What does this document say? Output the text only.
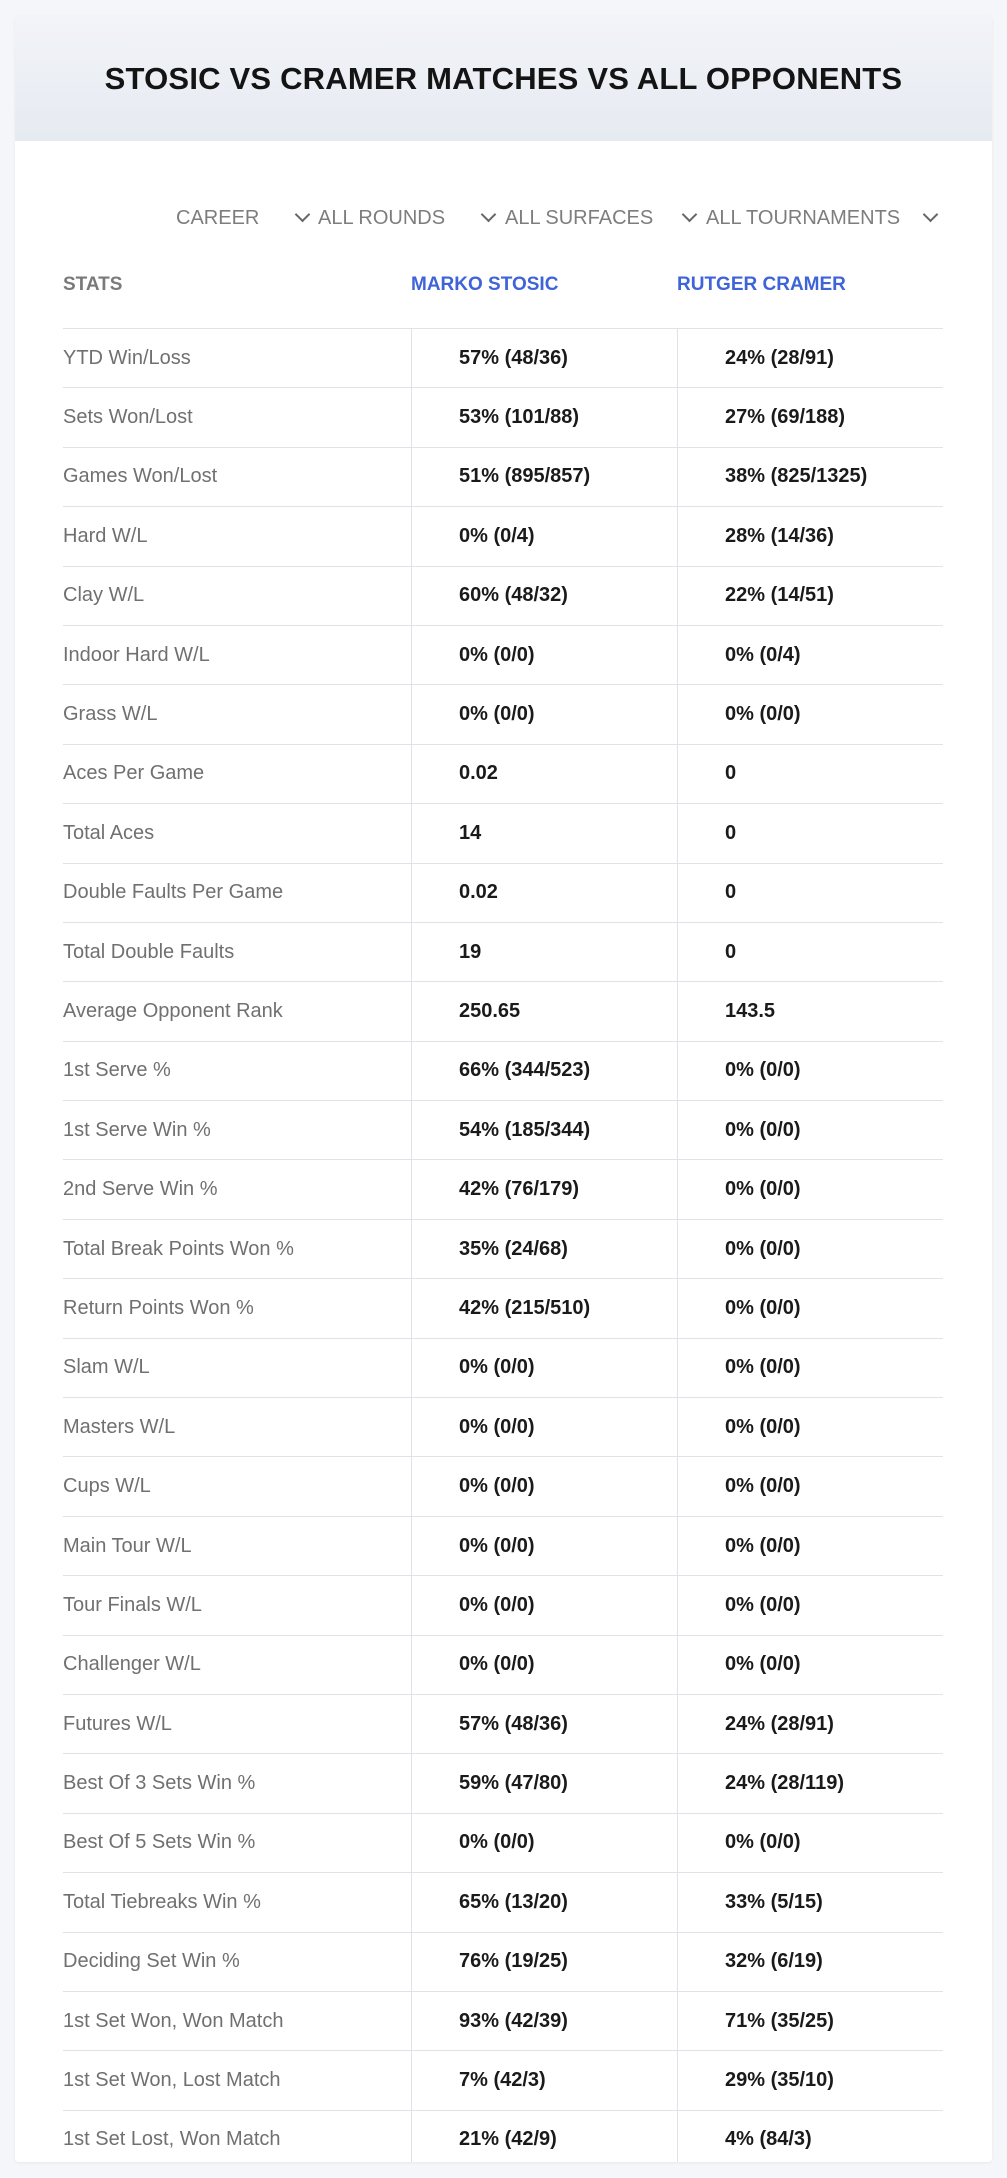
STOSIC VS CRAMER MATCHES VS ALL OPPONENTS
CAREER	ALL ROUNDS	ALL SURFACES	ALL TOURNAMENTS
STATS	MARKO STOSIC	RUTGER CRAMER
YTD Win/Loss	57% (48/36)	24% (28/91)
Sets Won/Lost	53% (101/88)	27% (69/188)
Games Won/Lost	51% (895/857)	38% (825/1325)
Hard W/L	0% (0/4)	28% (14/36)
Clay W/L	60% (48/32)	22% (14/51)
Indoor Hard W/L	0% (0/0)	0% (0/4)
Grass W/L	0% (0/0)	0% (0/0)
Aces Per Game	0.02	0
Total Aces	14	0
Double Faults Per Game	0.02	0
Total Double Faults	19	0
Average Opponent Rank	250.65	143.5
1st Serve %	66% (344/523)	0% (0/0)
1st Serve Win %	54% (185/344)	0% (0/0)
2nd Serve Win %	42% (76/179)	0% (0/0)
Total Break Points Won %	35% (24/68)	0% (0/0)
Return Points Won %	42% (215/510)	0% (0/0)
Slam W/L	0% (0/0)	0% (0/0)
Masters W/L	0% (0/0)	0% (0/0)
Cups W/L	0% (0/0)	0% (0/0)
Main Tour W/L	0% (0/0)	0% (0/0)
Tour Finals W/L	0% (0/0)	0% (0/0)
Challenger W/L	0% (0/0)	0% (0/0)
Futures W/L	57% (48/36)	24% (28/91)
Best Of 3 Sets Win %	59% (47/80)	24% (28/119)
Best Of 5 Sets Win %	0% (0/0)	0% (0/0)
Total Tiebreaks Win %	65% (13/20)	33% (5/15)
Deciding Set Win %	76% (19/25)	32% (6/19)
1st Set Won, Won Match	93% (42/39)	71% (35/25)
1st Set Won, Lost Match	7% (42/3)	29% (35/10)
1st Set Lost, Won Match	21% (42/9)	4% (84/3)
